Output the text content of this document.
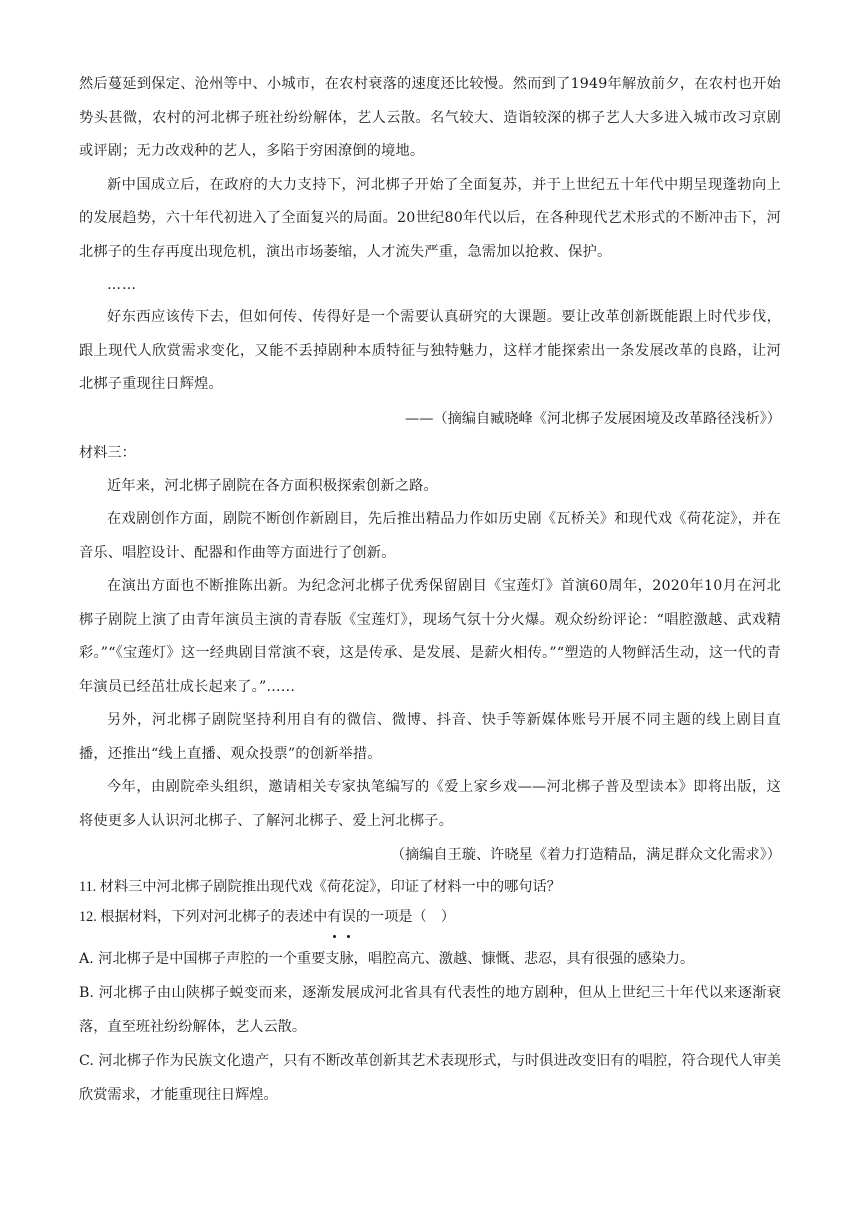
然后蔓延到保定、沧州等中、小城市，在农村衰落的速度还比较慢。然而到了1949年解放前夕，在农村也开始势头甚微，农村的河北梆子班社纷纷解体，艺人云散。名气较大、造诣较深的梆子艺人大多进入城市改习京剧或评剧；无力改戏种的艺人，多陷于穷困潦倒的境地。

新中国成立后，在政府的大力支持下，河北梆子开始了全面复苏，并于上世纪五十年代中期呈现蓬勃向上的发展趋势，六十年代初进入了全面复兴的局面。20世纪80年代以后，在各种现代艺术形式的不断冲击下，河北梆子的生存再度出现危机，演出市场萎缩，人才流失严重，急需加以抢救、保护。

……

好东西应该传下去，但如何传、传得好是一个需要认真研究的大课题。要让改革创新既能跟上时代步伐，跟上现代人欣赏需求变化，又能不丢掉剧种本质特征与独特魅力，这样才能探索出一条发展改革的良路，让河北梆子重现往日辉煌。

——（摘编自臧晓峰《河北梆子发展困境及改革路径浅析》）

材料三：

近年来，河北梆子剧院在各方面积极探索创新之路。

在戏剧创作方面，剧院不断创作新剧目，先后推出精品力作如历史剧《瓦桥关》和现代戏《荷花淀》，并在音乐、唱腔设计、配器和作曲等方面进行了创新。

在演出方面也不断推陈出新。为纪念河北梆子优秀保留剧目《宝莲灯》首演60周年，2020年10月在河北梆子剧院上演了由青年演员主演的青春版《宝莲灯》，现场气氛十分火爆。观众纷纷评论：“唱腔激越、武戏精彩。”“《宝莲灯》这一经典剧目常演不衰，这是传承、是发展、是薪火相传。”“塑造的人物鲜活生动，这一代的青年演员已经茁壮成长起来了。”……

另外，河北梆子剧院坚持利用自有的微信、微博、抖音、快手等新媒体账号开展不同主题的线上剧目直播，还推出“线上直播、观众投票”的创新举措。

今年，由剧院牵头组织，邀请相关专家执笔编写的《爱上家乡戏——河北梆子普及型读本》即将出版，这将使更多人认识河北梆子、了解河北梆子、爱上河北梆子。

（摘编自王璇、许晓星《着力打造精品，满足群众文化需求》）

11. 材料三中河北梆子剧院推出现代戏《荷花淀》，印证了材料一中的哪句话？

12. 根据材料，下列对河北梆子的表述中有误的一项是（　）

A. 河北梆子是中国梆子声腔的一个重要支脉，唱腔高亢、激越、慷慨、悲忍，具有很强的感染力。

B. 河北梆子由山陕梆子蜕变而来，逐渐发展成河北省具有代表性的地方剧种，但从上世纪三十年代以来逐渐衰落，直至班社纷纷解体，艺人云散。

C. 河北梆子作为民族文化遗产，只有不断改革创新其艺术表现形式，与时俱进改变旧有的唱腔，符合现代人审美欣赏需求，才能重现往日辉煌。
